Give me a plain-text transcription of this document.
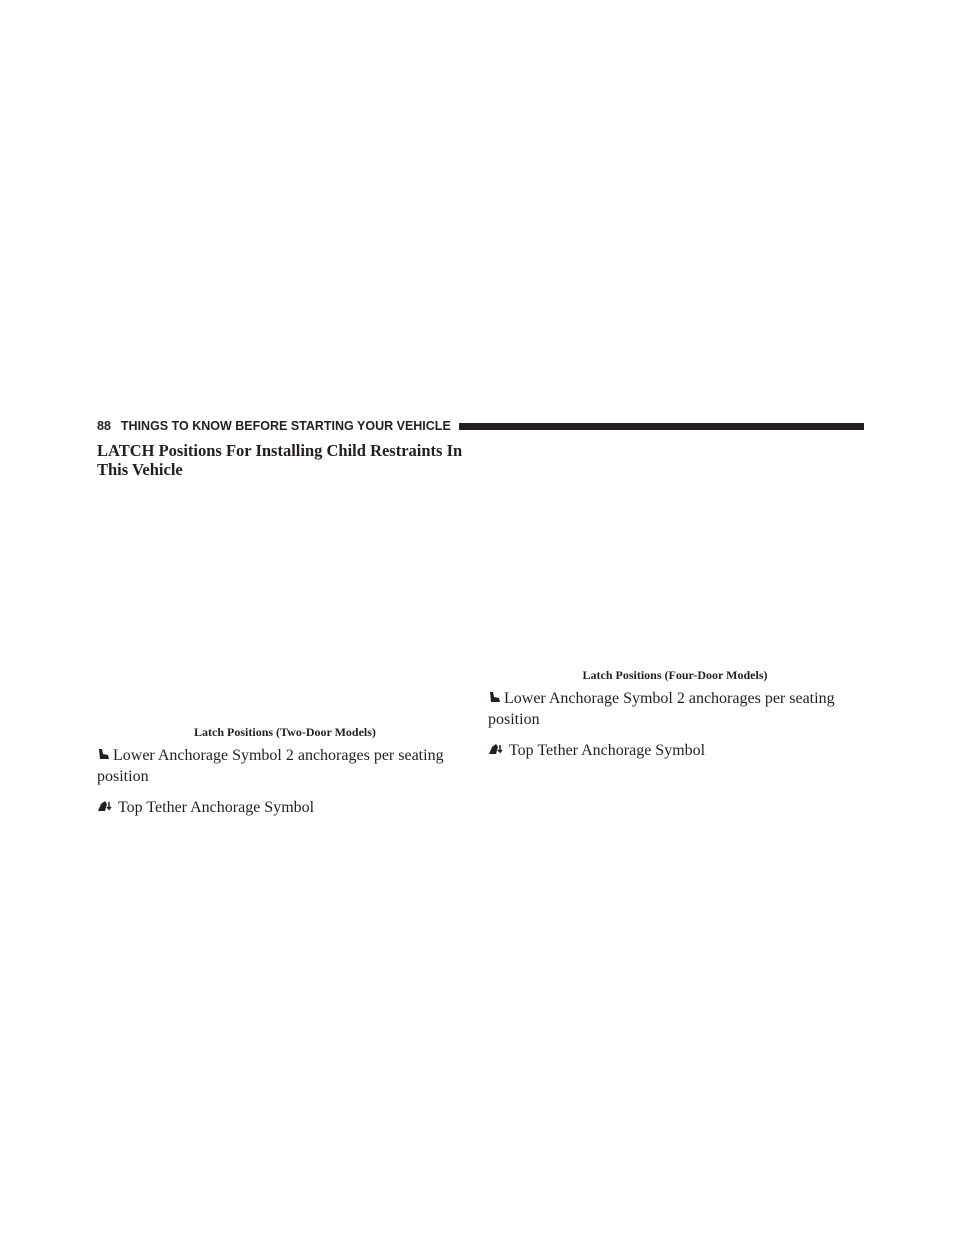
88 THINGS TO KNOW BEFORE STARTING YOUR VEHICLE
LATCH Positions For Installing Child Restraints In This Vehicle
Latch Positions (Two-Door Models)
Lower Anchorage Symbol 2 anchorages per seating position
Top Tether Anchorage Symbol
Latch Positions (Four-Door Models)
Lower Anchorage Symbol 2 anchorages per seating position
Top Tether Anchorage Symbol
